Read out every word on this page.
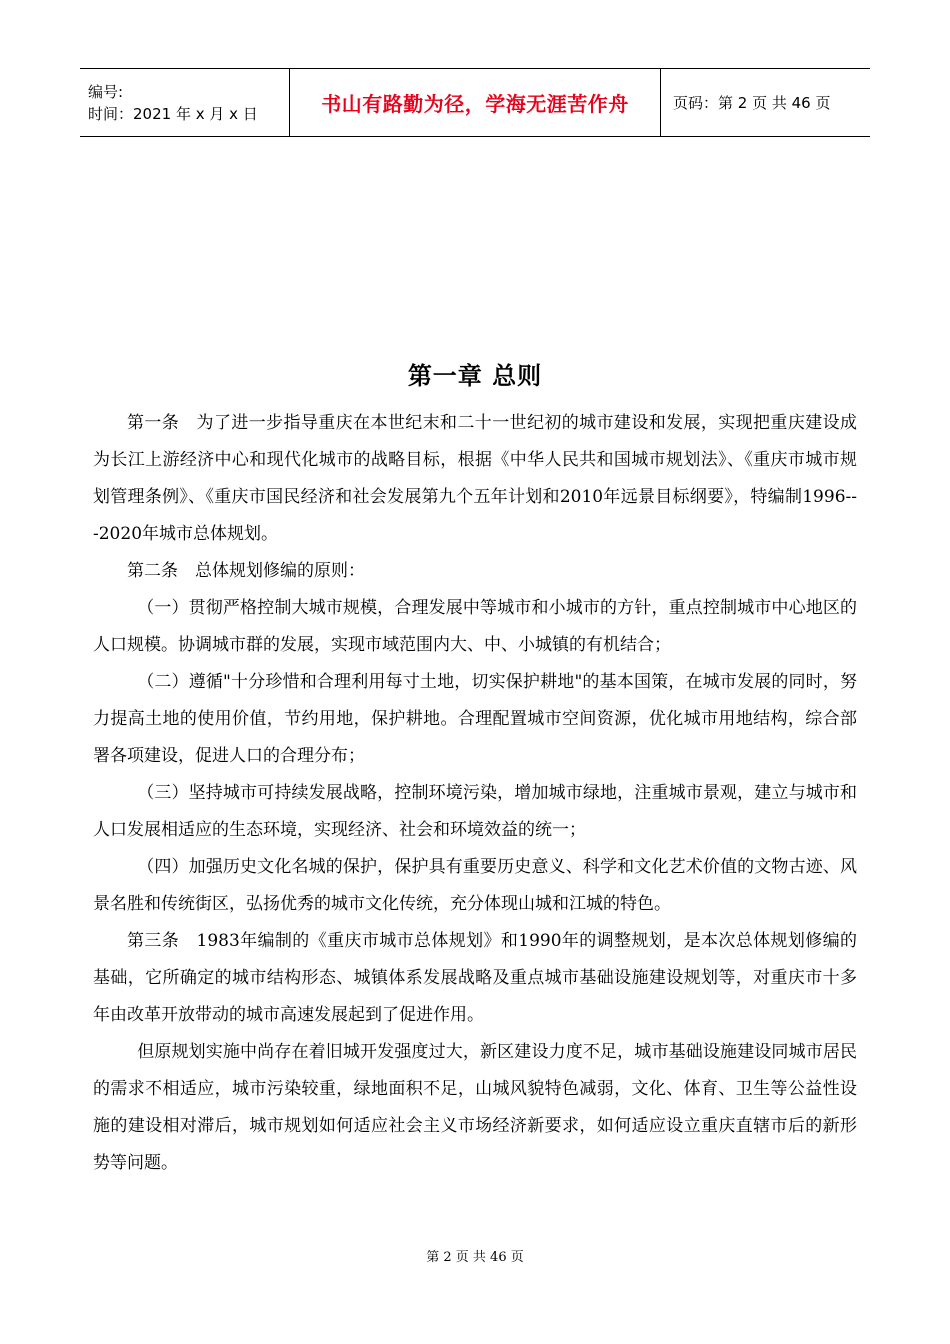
编号:
时间：2021 年 x 月 x 日	书山有路勤为径，学海无涯苦作舟	页码：第 2 页 共 46 页
第一章 总则

第一条　为了进一步指导重庆在本世纪末和二十一世纪初的城市建设和发展，实现把重庆建设成为长江上游经济中心和现代化城市的战略目标，根据《中华人民共和国城市规划法》、《重庆市城市规划管理条例》、《重庆市国民经济和社会发展第九个五年计划和2010年远景目标纲要》，特编制1996---2020年城市总体规划。

第二条　总体规划修编的原则：

（一）贯彻严格控制大城市规模，合理发展中等城市和小城市的方针，重点控制城市中心地区的人口规模。协调城市群的发展，实现市域范围内大、中、小城镇的有机结合；

（二）遵循"十分珍惜和合理利用每寸土地，切实保护耕地"的基本国策，在城市发展的同时，努力提高土地的使用价值，节约用地，保护耕地。合理配置城市空间资源，优化城市用地结构，综合部署各项建设，促进人口的合理分布；

（三）坚持城市可持续发展战略，控制环境污染，增加城市绿地，注重城市景观，建立与城市和人口发展相适应的生态环境，实现经济、社会和环境效益的统一；

（四）加强历史文化名城的保护，保护具有重要历史意义、科学和文化艺术价值的文物古迹、风景名胜和传统街区，弘扬优秀的城市文化传统，充分体现山城和江城的特色。

第三条　1983年编制的《重庆市城市总体规划》和1990年的调整规划，是本次总体规划修编的基础，它所确定的城市结构形态、城镇体系发展战略及重点城市基础设施建设规划等，对重庆市十多年由改革开放带动的城市高速发展起到了促进作用。

但原规划实施中尚存在着旧城开发强度过大，新区建设力度不足，城市基础设施建设同城市居民的需求不相适应，城市污染较重，绿地面积不足，山城风貌特色减弱，文化、体育、卫生等公益性设施的建设相对滞后，城市规划如何适应社会主义市场经济新要求，如何适应设立重庆直辖市后的新形势等问题。

第 2 页 共 46 页
